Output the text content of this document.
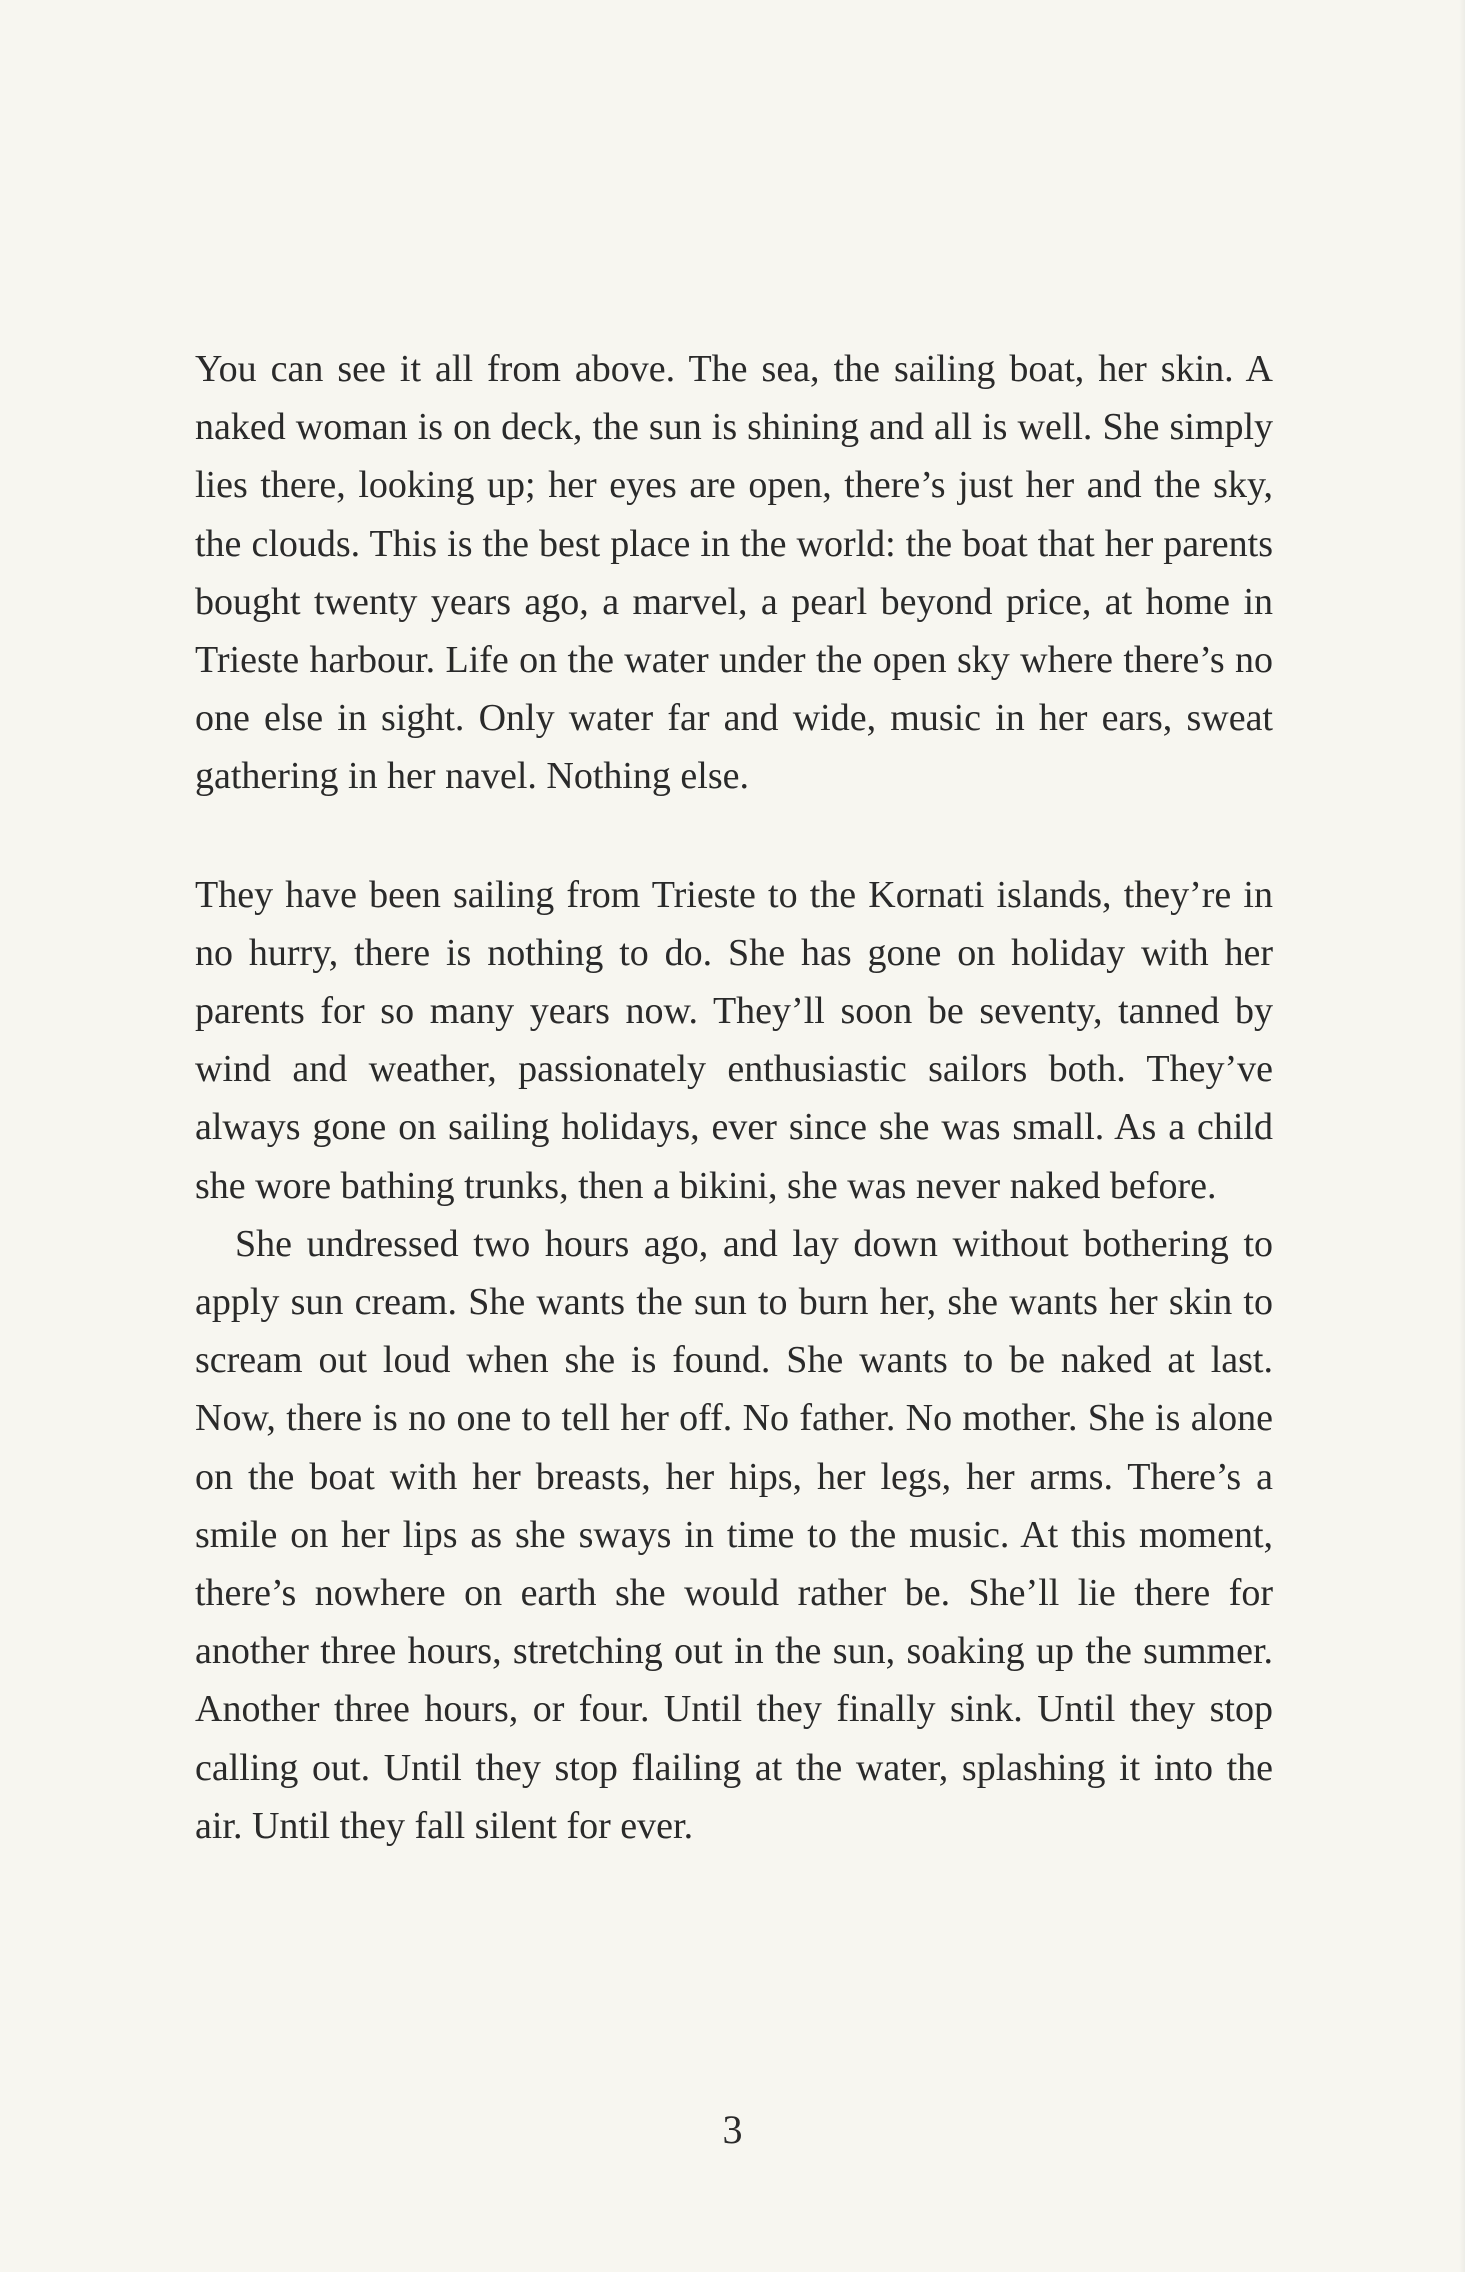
You can see it all from above. The sea, the sailing boat, her skin. A naked woman is on deck, the sun is shining and all is well. She simply lies there, looking up; her eyes are open, there’s just her and the sky, the clouds. This is the best place in the world: the boat that her parents bought twenty years ago, a marvel, a pearl beyond price, at home in Trieste harbour. Life on the water under the open sky where there’s no one else in sight. Only water far and wide, music in her ears, sweat gathering in her navel. Nothing else.

They have been sailing from Trieste to the Kornati islands, they’re in no hurry, there is nothing to do. She has gone on holiday with her parents for so many years now. They’ll soon be seventy, tanned by wind and weather, passionately enthusiastic sailors both. They’ve always gone on sailing holidays, ever since she was small. As a child she wore bathing trunks, then a bikini, she was never naked before.

She undressed two hours ago, and lay down without bothering to apply sun cream. She wants the sun to burn her, she wants her skin to scream out loud when she is found. She wants to be naked at last. Now, there is no one to tell her off. No father. No mother. She is alone on the boat with her breasts, her hips, her legs, her arms. There’s a smile on her lips as she sways in time to the music. At this moment, there’s nowhere on earth she would rather be. She’ll lie there for another three hours, stretching out in the sun, soaking up the summer. Another three hours, or four. Until they finally sink. Until they stop calling out. Until they stop flailing at the water, splashing it into the air. Until they fall silent for ever.

3
